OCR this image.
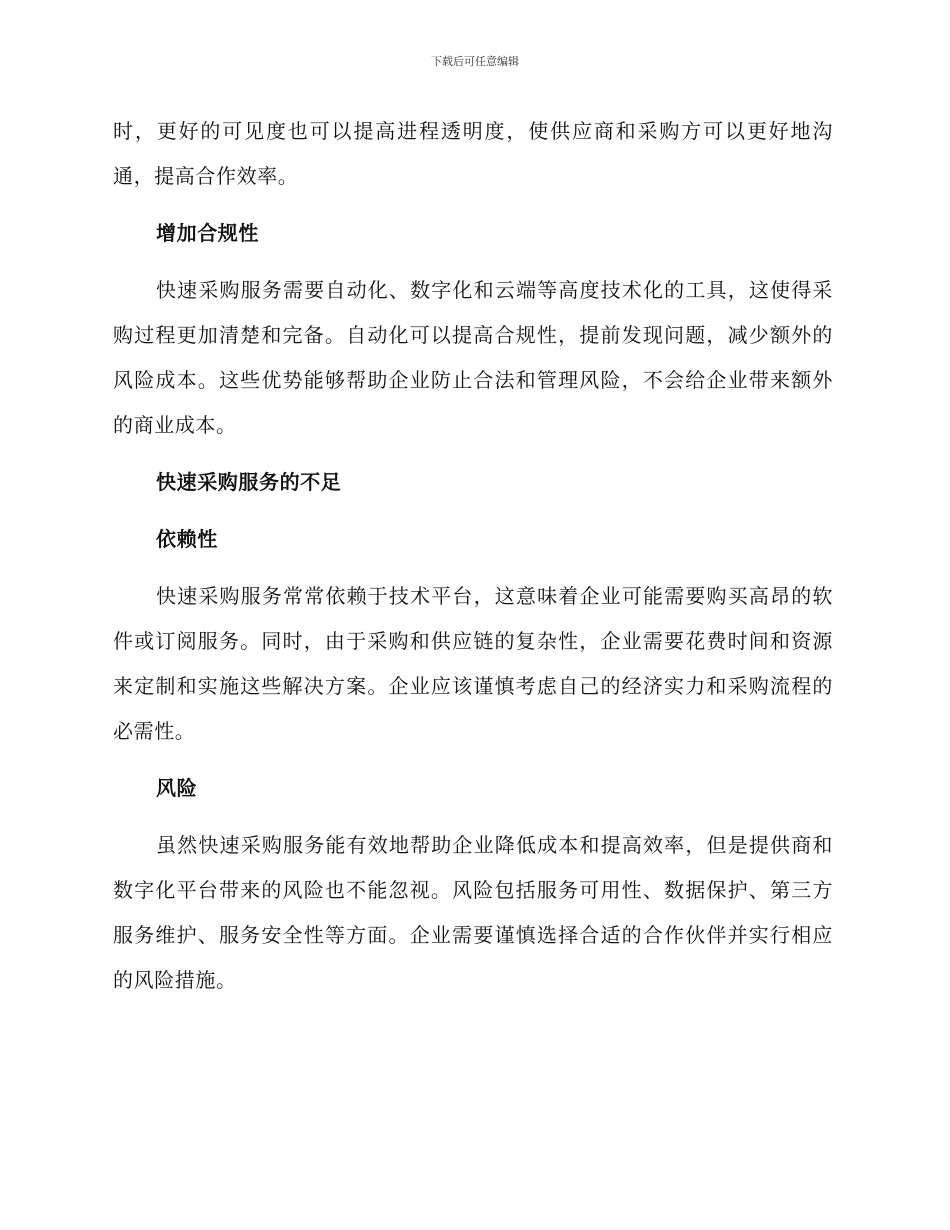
下载后可任意编辑

时，更好的可见度也可以提高进程透明度，使供应商和采购方可以更好地沟通，提高合作效率。

增加合规性

快速采购服务需要自动化、数字化和云端等高度技术化的工具，这使得采购过程更加清楚和完备。自动化可以提高合规性，提前发现问题，减少额外的风险成本。这些优势能够帮助企业防止合法和管理风险，不会给企业带来额外的商业成本。

快速采购服务的不足
依赖性

快速采购服务常常依赖于技术平台，这意味着企业可能需要购买高昂的软件或订阅服务。同时，由于采购和供应链的复杂性，企业需要花费时间和资源来定制和实施这些解决方案。企业应该谨慎考虑自己的经济实力和采购流程的必需性。

风险

虽然快速采购服务能有效地帮助企业降低成本和提高效率，但是提供商和数字化平台带来的风险也不能忽视。风险包括服务可用性、数据保护、第三方服务维护、服务安全性等方面。企业需要谨慎选择合适的合作伙伴并实行相应的风险措施。
